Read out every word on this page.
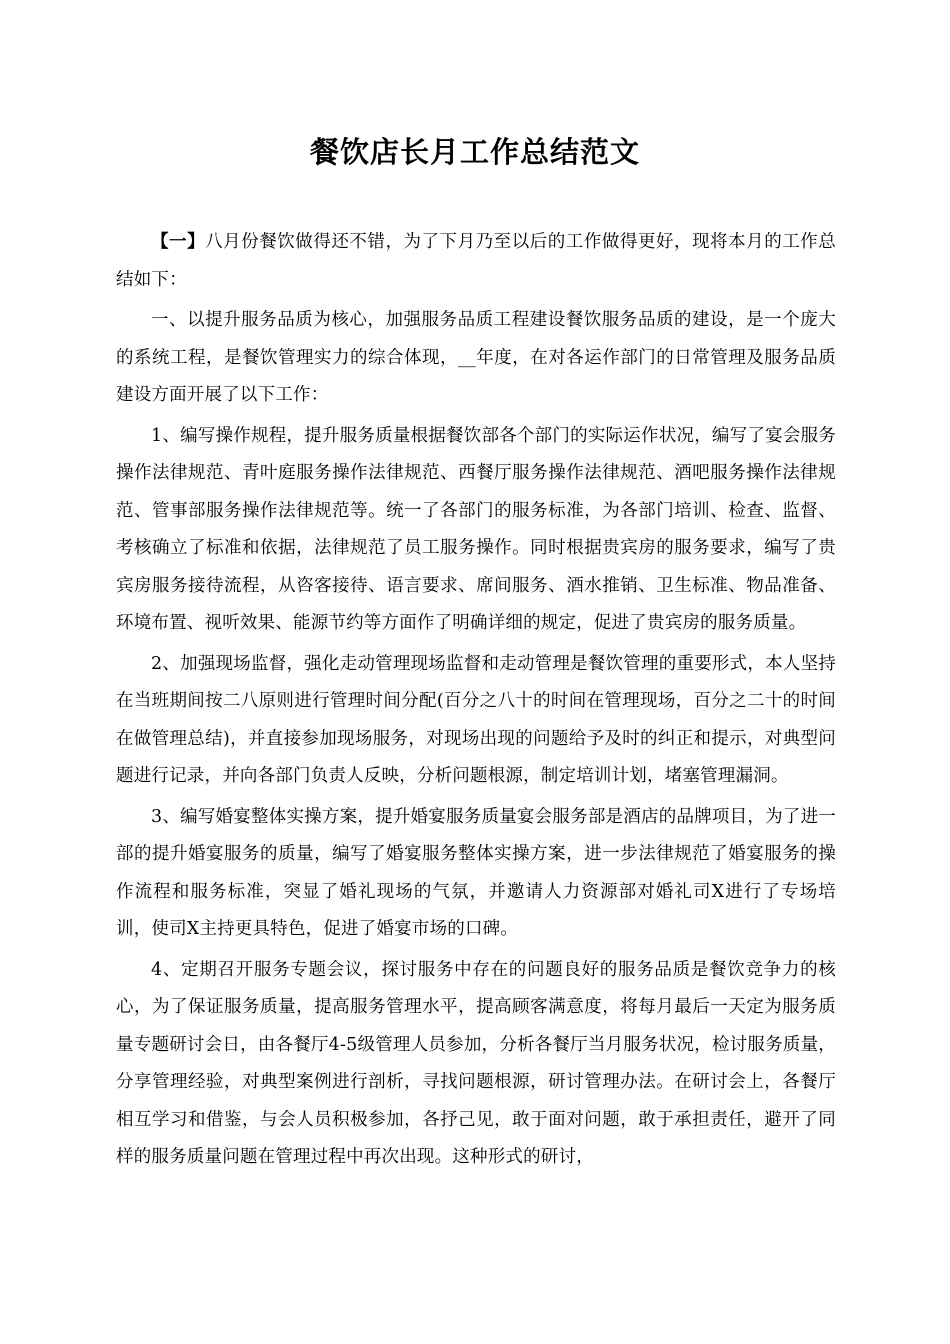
餐饮店长月工作总结范文

【一】八月份餐饮做得还不错，为了下月乃至以后的工作做得更好，现将本月的工作总结如下：

一、以提升服务品质为核心，加强服务品质工程建设餐饮服务品质的建设，是一个庞大的系统工程，是餐饮管理实力的综合体现，__年度，在对各运作部门的日常管理及服务品质建设方面开展了以下工作：

1、编写操作规程，提升服务质量根据餐饮部各个部门的实际运作状况，编写了宴会服务操作法律规范、青叶庭服务操作法律规范、西餐厅服务操作法律规范、酒吧服务操作法律规范、管事部服务操作法律规范等。统一了各部门的服务标准，为各部门培训、检查、监督、考核确立了标准和依据，法律规范了员工服务操作。同时根据贵宾房的服务要求，编写了贵宾房服务接待流程，从咨客接待、语言要求、席间服务、酒水推销、卫生标准、物品准备、环境布置、视听效果、能源节约等方面作了明确详细的规定，促进了贵宾房的服务质量。

2、加强现场监督，强化走动管理现场监督和走动管理是餐饮管理的重要形式，本人坚持在当班期间按二八原则进行管理时间分配(百分之八十的时间在管理现场，百分之二十的时间在做管理总结)，并直接参加现场服务，对现场出现的问题给予及时的纠正和提示，对典型问题进行记录，并向各部门负责人反映，分析问题根源，制定培训计划，堵塞管理漏洞。

3、编写婚宴整体实操方案，提升婚宴服务质量宴会服务部是酒店的品牌项目，为了进一部的提升婚宴服务的质量，编写了婚宴服务整体实操方案，进一步法律规范了婚宴服务的操作流程和服务标准，突显了婚礼现场的气氛，并邀请人力资源部对婚礼司X进行了专场培训，使司X主持更具特色，促进了婚宴市场的口碑。

4、定期召开服务专题会议，探讨服务中存在的问题良好的服务品质是餐饮竞争力的核心，为了保证服务质量，提高服务管理水平，提高顾客满意度，将每月最后一天定为服务质量专题研讨会日，由各餐厅4-5级管理人员参加，分析各餐厅当月服务状况，检讨服务质量，分享管理经验，对典型案例进行剖析，寻找问题根源，研讨管理办法。在研讨会上，各餐厅相互学习和借鉴，与会人员积极参加，各抒己见，敢于面对问题，敢于承担责任，避开了同样的服务质量问题在管理过程中再次出现。这种形式的研讨，
